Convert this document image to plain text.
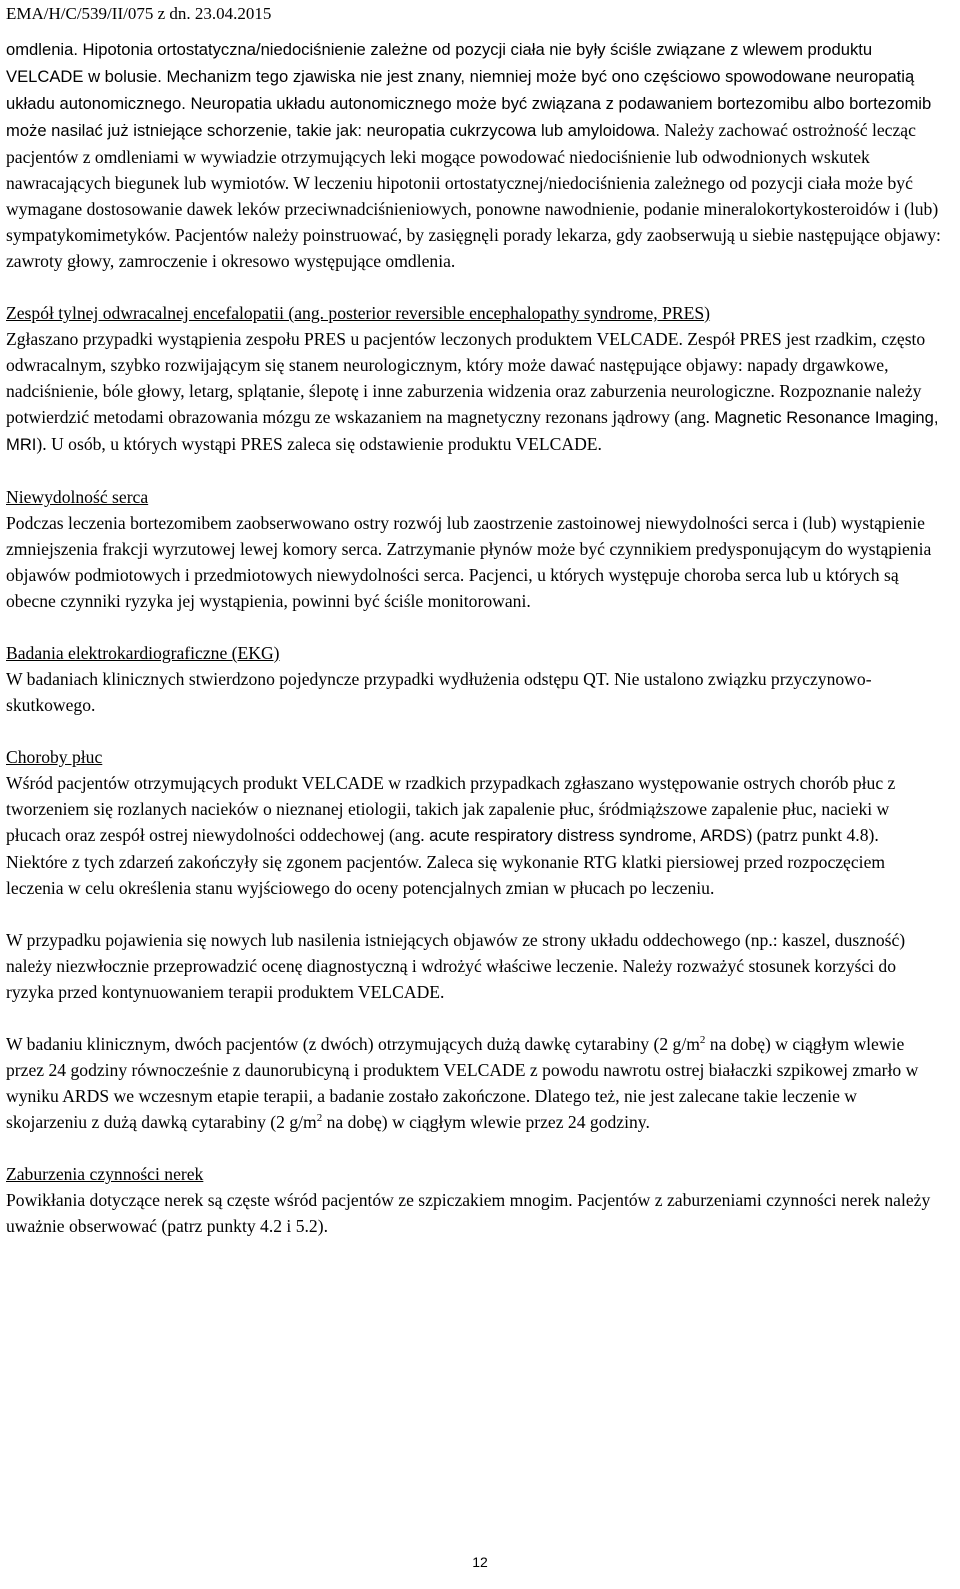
EMA/H/C/539/II/075 z dn. 23.04.2015

omdlenia. Hipotonia ortostatyczna/niedociśnienie zależne od pozycji ciała nie były ściśle związane z wlewem produktu VELCADE w bolusie. Mechanizm tego zjawiska nie jest znany, niemniej może być ono częściowo spowodowane neuropatią układu autonomicznego. Neuropatia układu autonomicznego może być związana z podawaniem bortezomibu albo bortezomib może nasilać już istniejące schorzenie, takie jak: neuropatia cukrzycowa lub amyloidowa. Należy zachować ostrożność lecząc pacjentów z omdleniami w wywiadzie otrzymujących leki mogące powodować niedociśnienie lub odwodnionych wskutek nawracających biegunek lub wymiotów. W leczeniu hipotonii ortostatycznej/niedociśnienia zależnego od pozycji ciała może być wymagane dostosowanie dawek leków przeciwnadciśnieniowych, ponowne nawodnienie, podanie mineralokortykosteroidów i (lub) sympatykomimetyków. Pacjentów należy poinstruować, by zasięgnęli porady lekarza, gdy zaobserwują u siebie następujące objawy: zawroty głowy, zamroczenie i okresowo występujące omdlenia.

Zespół tylnej odwracalnej encefalopatii (ang. posterior reversible encephalopathy syndrome, PRES)

Zgłaszano przypadki wystąpienia zespołu PRES u pacjentów leczonych produktem VELCADE. Zespół PRES jest rzadkim, często odwracalnym, szybko rozwijającym się stanem neurologicznym, który może dawać następujące objawy: napady drgawkowe, nadciśnienie, bóle głowy, letarg, splątanie, ślepotę i inne zaburzenia widzenia oraz zaburzenia neurologiczne. Rozpoznanie należy potwierdzić metodami obrazowania mózgu ze wskazaniem na magnetyczny rezonans jądrowy (ang. Magnetic Resonance Imaging, MRI). U osób, u których wystąpi PRES zaleca się odstawienie produktu VELCADE.

Niewydolność serca

Podczas leczenia bortezomibem zaobserwowano ostry rozwój lub zaostrzenie zastoinowej niewydolności serca i (lub) wystąpienie zmniejszenia frakcji wyrzutowej lewej komory serca. Zatrzymanie płynów może być czynnikiem predysponującym do wystąpienia objawów podmiotowych i przedmiotowych niewydolności serca. Pacjenci, u których występuje choroba serca lub u których są obecne czynniki ryzyka jej wystąpienia, powinni być ściśle monitorowani.

Badania elektrokardiograficzne (EKG)

W badaniach klinicznych stwierdzono pojedyncze przypadki wydłużenia odstępu QT. Nie ustalono związku przyczynowo-skutkowego.

Choroby płuc

Wśród pacjentów otrzymujących produkt VELCADE w rzadkich przypadkach zgłaszano występowanie ostrych chorób płuc z tworzeniem się rozlanych nacieków o nieznanej etiologii, takich jak zapalenie płuc, śródmiąższowe zapalenie płuc, nacieki w płucach oraz zespół ostrej niewydolności oddechowej (ang. acute respiratory distress syndrome, ARDS) (patrz punkt 4.8). Niektóre z tych zdarzeń zakończyły się zgonem pacjentów. Zaleca się wykonanie RTG klatki piersiowej przed rozpoczęciem leczenia w celu określenia stanu wyjściowego do oceny potencjalnych zmian w płucach po leczeniu.

W przypadku pojawienia się nowych lub nasilenia istniejących objawów ze strony układu oddechowego (np.: kaszel, duszność) należy niezwłocznie przeprowadzić ocenę diagnostyczną i wdrożyć właściwe leczenie. Należy rozważyć stosunek korzyści do ryzyka przed kontynuowaniem terapii produktem VELCADE.

W badaniu klinicznym, dwóch pacjentów (z dwóch) otrzymujących dużą dawkę cytarabiny (2 $g/m^2$ na dobę) w ciągłym wlewie przez 24 godziny równocześnie z daunorubicyną i produktem VELCADE z powodu nawrotu ostrej białaczki szpikowej zmarło w wyniku ARDS we wczesnym etapie terapii, a badanie zostało zakończone. Dlatego też, nie jest zalecane takie leczenie w skojarzeniu z dużą dawką cytarabiny (2 $g/m^2$ na dobę) w ciągłym wlewie przez 24 godziny.

Zaburzenia czynności nerek

Powikłania dotyczące nerek są częste wśród pacjentów ze szpiczakiem mnogim. Pacjentów z zaburzeniami czynności nerek należy uważnie obserwować (patrz punkty 4.2 i 5.2).

12
